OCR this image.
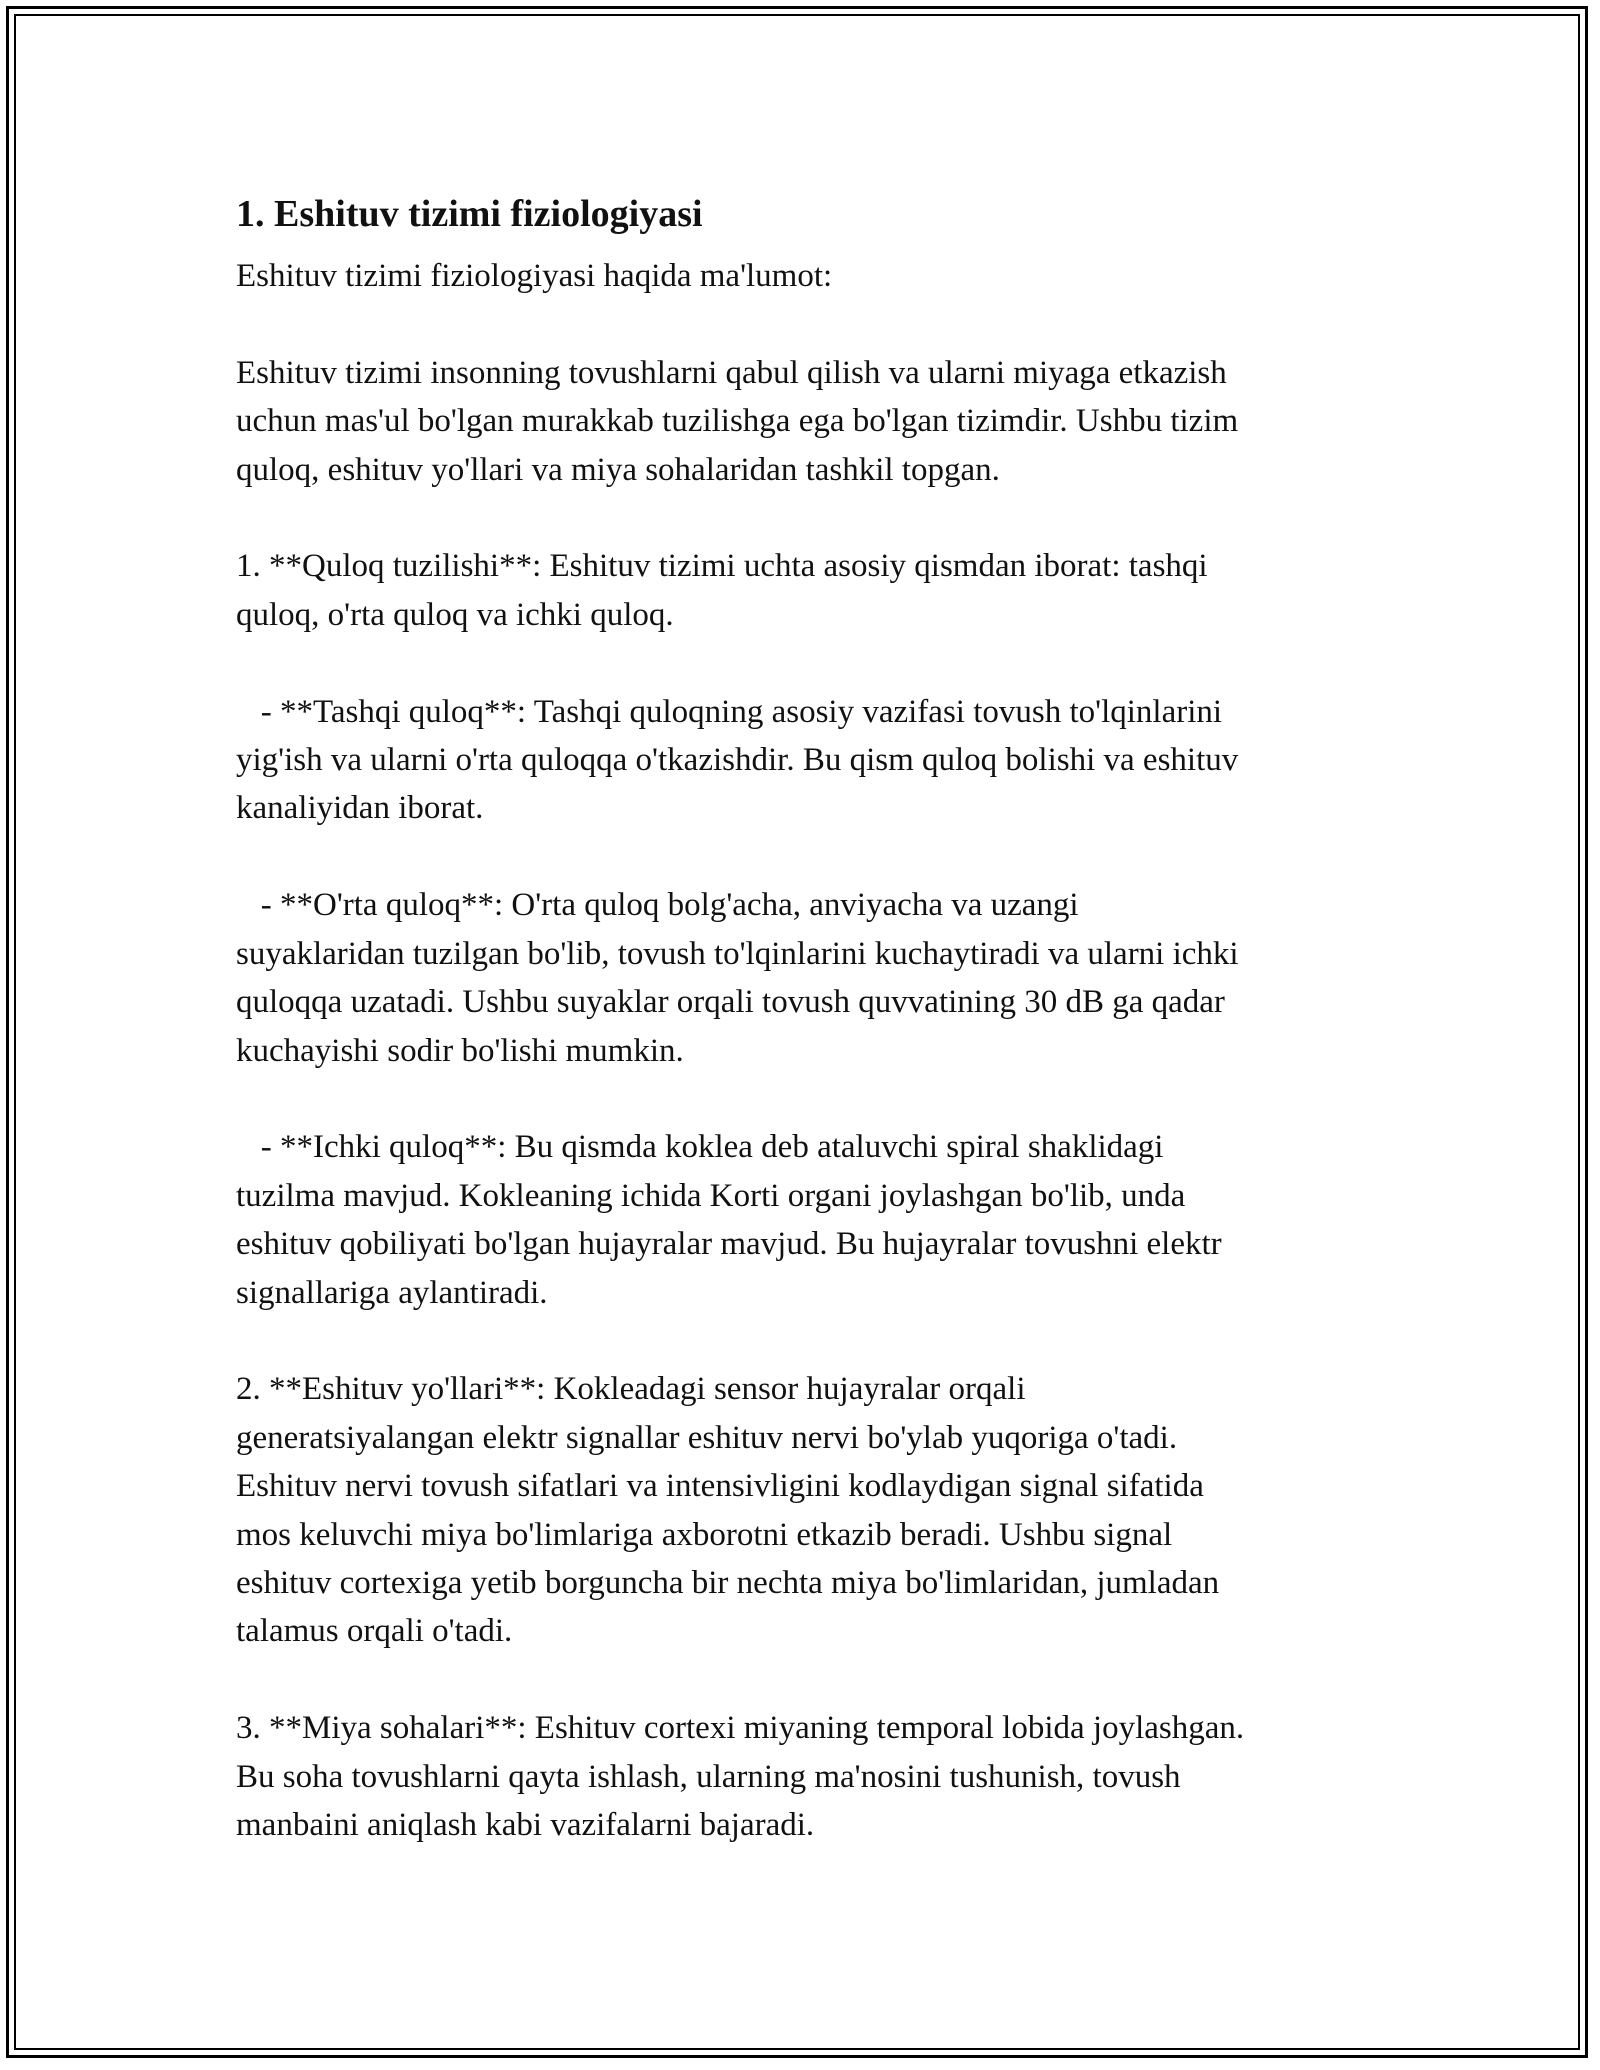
1. Eshituv tizimi fiziologiyasi

Eshituv tizimi fiziologiyasi haqida ma'lumot:

Eshituv tizimi insonning tovushlarni qabul qilish va ularni miyaga etkazish
uchun mas'ul bo'lgan murakkab tuzilishga ega bo'lgan tizimdir. Ushbu tizim
quloq, eshituv yo'llari va miya sohalaridan tashkil topgan.

1. **Quloq tuzilishi**: Eshituv tizimi uchta asosiy qismdan iborat: tashqi
quloq, o'rta quloq va ichki quloq.

- **Tashqi quloq**: Tashqi quloqning asosiy vazifasi tovush to'lqinlarini
yig'ish va ularni o'rta quloqqa o'tkazishdir. Bu qism quloq bolishi va eshituv
kanaliyidan iborat.

- **O'rta quloq**: O'rta quloq bolg'acha, anviyacha va uzangi
suyaklaridan tuzilgan bo'lib, tovush to'lqinlarini kuchaytiradi va ularni ichki
quloqqa uzatadi. Ushbu suyaklar orqali tovush quvvatining 30 dB ga qadar
kuchayishi sodir bo'lishi mumkin.

- **Ichki quloq**: Bu qismda koklea deb ataluvchi spiral shaklidagi
tuzilma mavjud. Kokleaning ichida Korti organi joylashgan bo'lib, unda
eshituv qobiliyati bo'lgan hujayralar mavjud. Bu hujayralar tovushni elektr
signallariga aylantiradi.

2. **Eshituv yo'llari**: Kokleadagi sensor hujayralar orqali
generatsiyalangan elektr signallar eshituv nervi bo'ylab yuqoriga o'tadi.
Eshituv nervi tovush sifatlari va intensivligini kodlaydigan signal sifatida
mos keluvchi miya bo'limlariga axborotni etkazib beradi. Ushbu signal
eshituv cortexiga yetib borguncha bir nechta miya bo'limlaridan, jumladan
talamus orqali o'tadi.

3. **Miya sohalari**: Eshituv cortexi miyaning temporal lobida joylashgan.
Bu soha tovushlarni qayta ishlash, ularning ma'nosini tushunish, tovush
manbaini aniqlash kabi vazifalarni bajaradi.
